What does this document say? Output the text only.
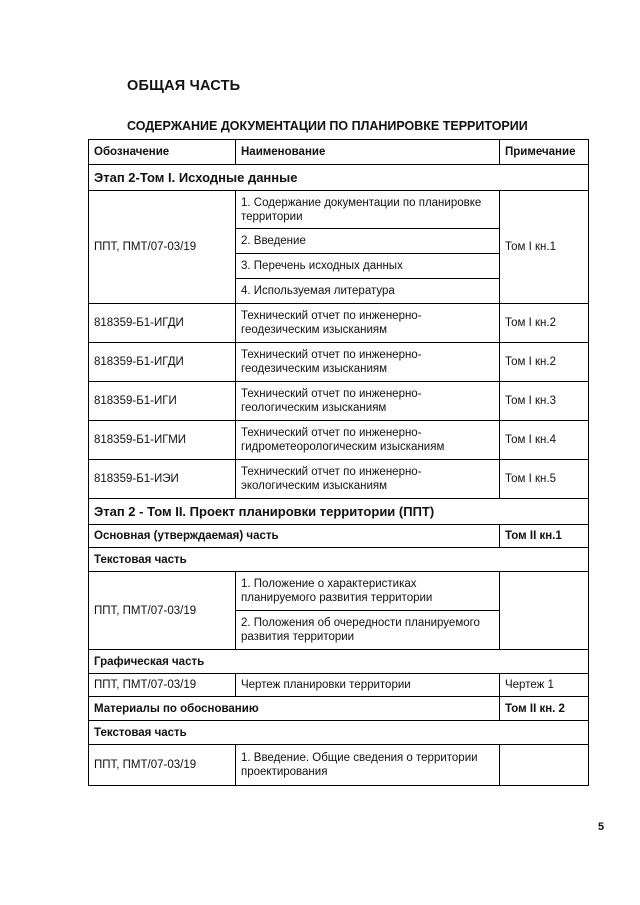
ОБЩАЯ ЧАСТЬ
СОДЕРЖАНИЕ ДОКУМЕНТАЦИИ ПО ПЛАНИРОВКЕ ТЕРРИТОРИИ
Обозначение	Наименование	Примечание
Этап 2-Том I. Исходные данные		
ППТ, ПМТ/07-03/19	1. Содержание документации по планировке территории	Том I кн.1
	2. Введение	
	3. Перечень исходных данных	
	4. Используемая литература	
818359-Б1-ИГДИ	Технический отчет по инженерно-геодезическим изысканиям	Том I кн.2
818359-Б1-ИГДИ	Технический отчет по инженерно-геодезическим изысканиям	Том I кн.2
818359-Б1-ИГИ	Технический отчет по инженерно-геологическим изысканиям	Том I кн.3
818359-Б1-ИГМИ	Технический отчет по инженерно-гидрометеорологическим изысканиям	Том I кн.4
818359-Б1-ИЭИ	Технический отчет по инженерно-экологическим изысканиям	Том I кн.5
Этап 2 - Том II. Проект планировки территории (ППТ)		
Основная (утверждаемая) часть		Том II кн.1
Текстовая часть		
ППТ, ПМТ/07-03/19	1. Положение о характеристиках планируемого развития территории	
	2. Положения об очередности планируемого развития территории	
Графическая часть		
ППТ, ПМТ/07-03/19	Чертеж планировки территории	Чертеж 1
Материалы по обоснованию		Том II кн. 2
Текстовая часть		
ППТ, ПМТ/07-03/19	1. Введение. Общие сведения о территории проектирования	
5
